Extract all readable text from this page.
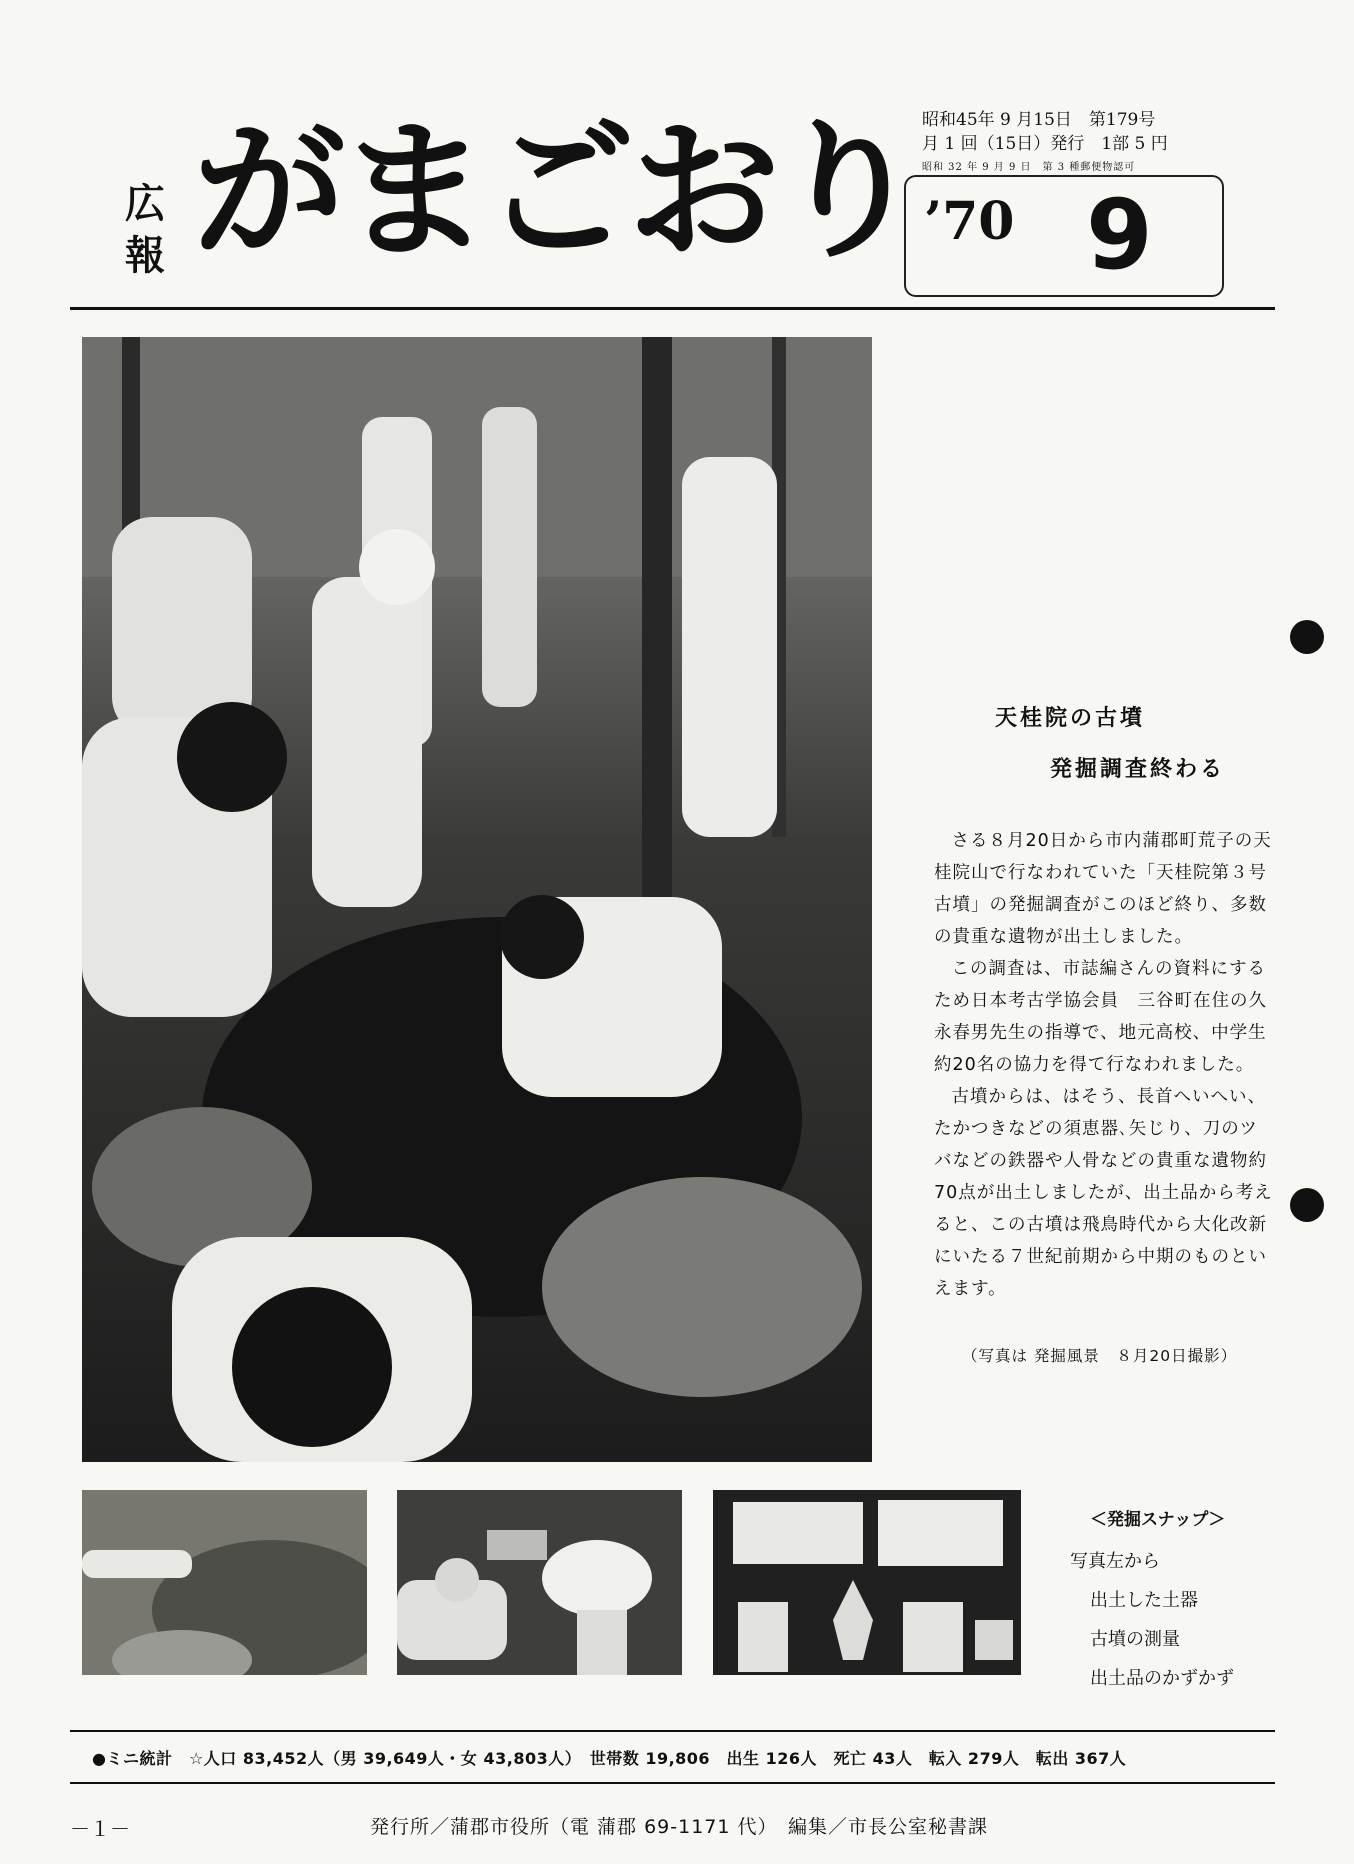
広報 がまごおり 昭和45年 9 月15日　第179号
月 1 回（15日）発行　1部 5 円
昭和 32 年 9 月 9 日　第 3 種郵便物認可
’70 9
天桂院の古墳
発掘調査終わる

さる８月20日から市内蒲郡町荒子の天桂院山で行なわれていた「天桂院第３号古墳」の発掘調査がこのほど終り、多数の貴重な遺物が出土しました。

この調査は、市誌編さんの資料にするため日本考古学協会員　三谷町在住の久永春男先生の指導で、地元高校、中学生約20名の協力を得て行なわれました。

古墳からは、はそう、長首へいへい、たかつきなどの須恵器､矢じり、刀のツバなどの鉄器や人骨などの貴重な遺物約70点が出土しましたが、出土品から考えると、この古墳は飛鳥時代から大化改新にいたる７世紀前期から中期のものといえます。

（写真は 発掘風景　８月20日撮影）
＜発掘スナップ＞
写真左から
出土した土器
古墳の測量
出土品のかずかず
●ミニ統計　☆人口 83,452人（男 39,649人・女 43,803人）　世帯数 19,806　出生 126人　死亡 43人　転入 279人　転出 367人
－１－	発行所／蒲郡市役所（電 蒲郡 69-1171 代）　編集／市長公室秘書課
